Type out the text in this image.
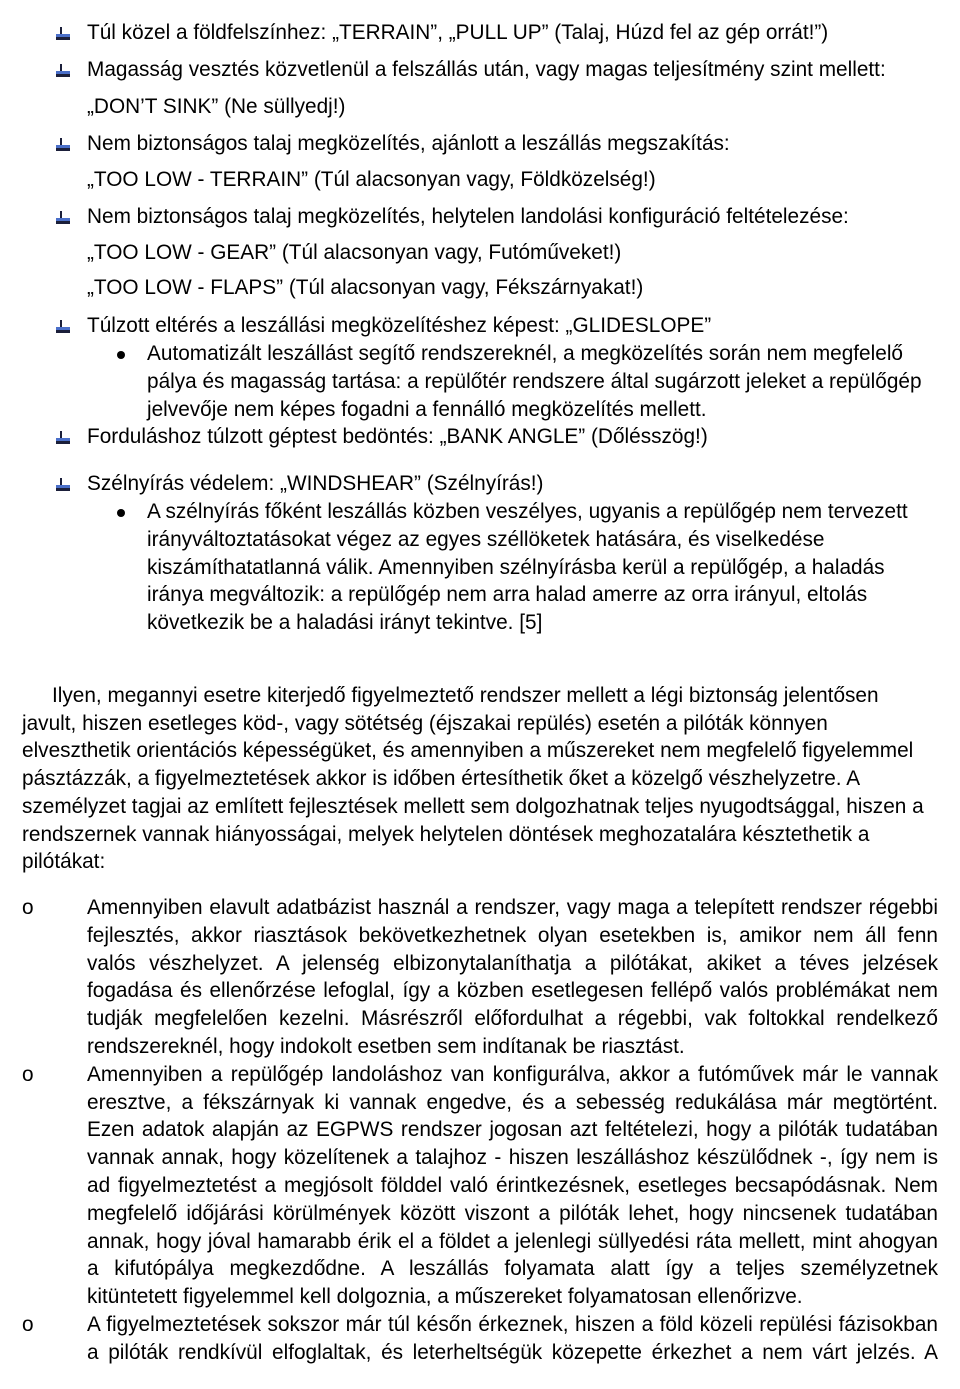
Túl közel a földfelszínhez: „TERRAIN”, „PULL UP” (Talaj, Húzd fel az gép orrát!”)
Magasság vesztés közvetlenül a felszállás után, vagy magas teljesítmény szint mellett:
„DON’T SINK” (Ne süllyedj!)
Nem biztonságos talaj megközelítés, ajánlott a leszállás megszakítás:
„TOO LOW - TERRAIN” (Túl alacsonyan vagy, Földközelség!)
Nem biztonságos talaj megközelítés, helytelen landolási konfiguráció feltételezése:
„TOO LOW - GEAR” (Túl alacsonyan vagy, Futóműveket!)
„TOO LOW - FLAPS” (Túl alacsonyan vagy, Fékszárnyakat!)
Túlzott eltérés a leszállási megközelítéshez képest: „GLIDESLOPE”
Automatizált leszállást segítő rendszereknél, a megközelítés során nem megfelelő
pálya és magasság tartása: a repülőtér rendszere által sugárzott jeleket a repülőgép
jelvevője nem képes fogadni a fennálló megközelítés mellett.
Forduláshoz túlzott géptest bedöntés: „BANK ANGLE” (Dőlésszög!)
Szélnyírás védelem: „WINDSHEAR” (Szélnyírás!)
A szélnyírás főként leszállás közben veszélyes, ugyanis a repülőgép nem tervezett
irányváltoztatásokat végez az egyes széllöketek hatására, és viselkedése
kiszámíthatatlanná válik. Amennyiben szélnyírásba kerül a repülőgép, a haladás
iránya megváltozik: a repülőgép nem arra halad amerre az orra irányul, eltolás
következik be a haladási irányt tekintve. [5]
Ilyen, megannyi esetre kiterjedő figyelmeztető rendszer mellett a légi biztonság jelentősen
javult, hiszen esetleges köd-, vagy sötétség (éjszakai repülés) esetén a pilóták könnyen
elveszthetik orientációs képességüket, és amennyiben a műszereket nem megfelelő figyelemmel
pásztázzák, a figyelmeztetések akkor is időben értesíthetik őket a közelgő vészhelyzetre. A
személyzet tagjai az említett fejlesztések mellett sem dolgozhatnak teljes nyugodtsággal, hiszen a
rendszernek vannak hiányosságai, melyek helytelen döntések meghozatalára késztethetik a
pilótákat:
o	Amennyiben elavult adatbázist használ a rendszer, vagy maga a telepített rendszer régebbi
fejlesztés, akkor riasztások bekövetkezhetnek olyan esetekben is, amikor nem áll fenn
valós vészhelyzet. A jelenség elbizonytalaníthatja a pilótákat, akiket a téves jelzések
fogadása és ellenőrzése lefoglal, így a közben esetlegesen fellépő valós problémákat nem
tudják megfelelően kezelni. Másrészről előfordulhat a régebbi, vak foltokkal rendelkező
rendszereknél, hogy indokolt esetben sem indítanak be riasztást.
o	Amennyiben a repülőgép landoláshoz van konfigurálva, akkor a futóművek már le vannak
eresztve, a fékszárnyak ki vannak engedve, és a sebesség redukálása már megtörtént.
Ezen adatok alapján az EGPWS rendszer jogosan azt feltételezi, hogy a pilóták tudatában
vannak annak, hogy közelítenek a talajhoz - hiszen leszálláshoz készülődnek -, így nem is
ad figyelmeztetést a megjósolt földdel való érintkezésnek, esetleges becsapódásnak. Nem
megfelelő időjárási körülmények között viszont a pilóták lehet, hogy nincsenek tudatában
annak, hogy jóval hamarabb érik el a földet a jelenlegi süllyedési ráta mellett, mint ahogyan
a kifutópálya megkezdődne. A leszállás folyamata alatt így a teljes személyzetnek
kitüntetett figyelemmel kell dolgoznia, a műszereket folyamatosan ellenőrizve.
o	A figyelmeztetések sokszor már túl későn érkeznek, hiszen a föld közeli repülési fázisokban
a pilóták rendkívül elfoglaltak, és leterheltségük közepette érkezhet a nem várt jelzés. A
